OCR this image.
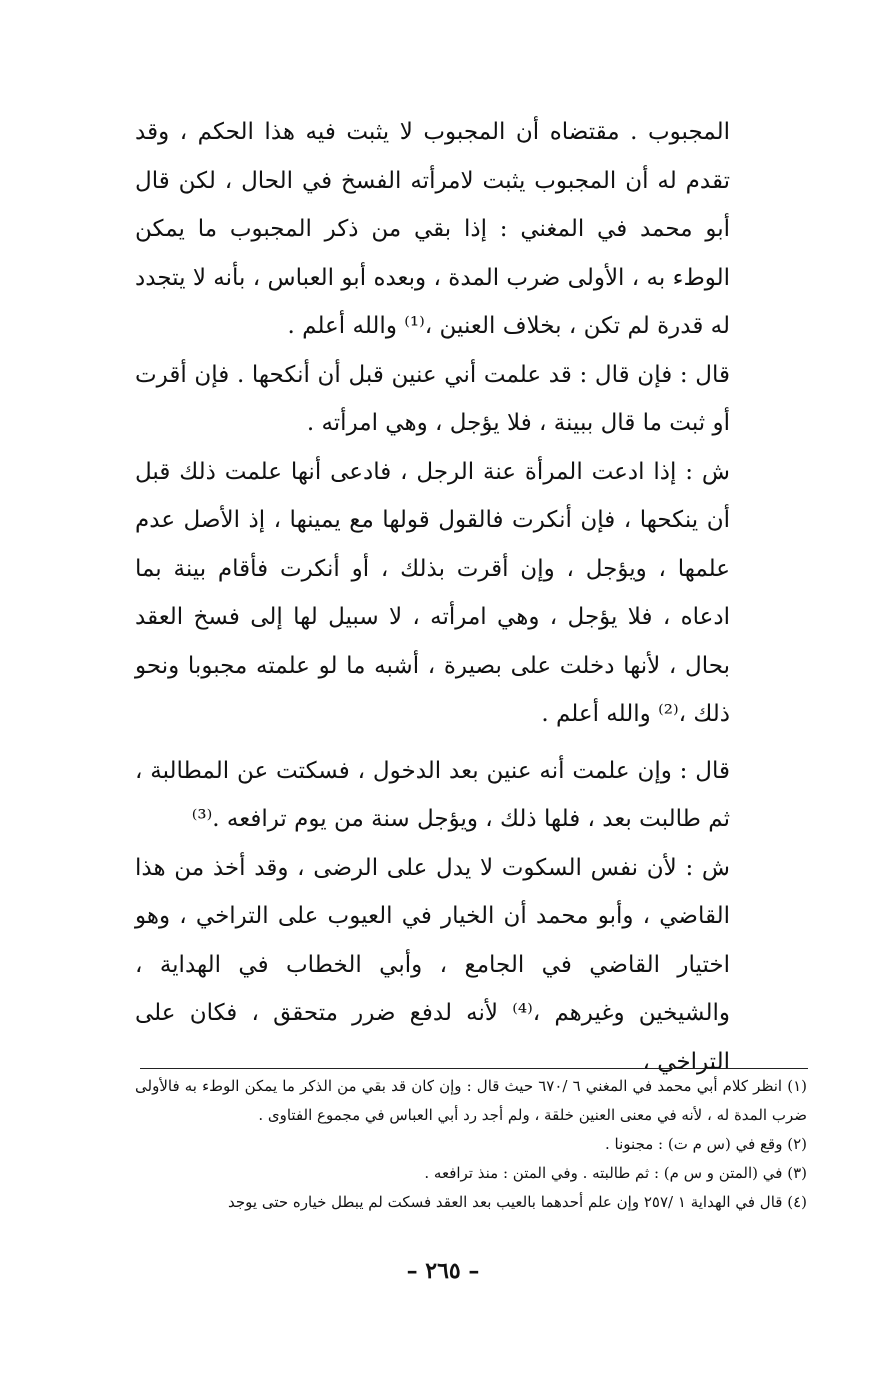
المجبوب . مقتضاه أن المجبوب لا يثبت فيه هذا الحكم ، وقد تقدم له أن المجبوب يثبت لامرأته الفسخ في الحال ، لكن قال أبو محمد في المغني : إذا بقي من ذكر المجبوب ما يمكن الوطء به ، الأولى ضرب المدة ، وبعده أبو العباس ، بأنه لا يتجدد له قدرة لم تكن ، بخلاف العنين ،⁽¹⁾ والله أعلم .

قال : فإن قال : قد علمت أني عنين قبل أن أنكحها . فإن أقرت أو ثبت ما قال ببينة ، فلا يؤجل ، وهي امرأته .

ش : إذا ادعت المرأة عنة الرجل ، فادعى أنها علمت ذلك قبل أن ينكحها ، فإن أنكرت فالقول قولها مع يمينها ، إذ الأصل عدم علمها ، ويؤجل ، وإن أقرت بذلك ، أو أنكرت فأقام بينة بما ادعاه ، فلا يؤجل ، وهي امرأته ، لا سبيل لها إلى فسخ العقد بحال ، لأنها دخلت على بصيرة ، أشبه ما لو علمته مجبوبا ونحو ذلك ،⁽²⁾ والله أعلم .

قال : وإن علمت أنه عنين بعد الدخول ، فسكتت عن المطالبة ، ثم طالبت بعد ، فلها ذلك ، ويؤجل سنة من يوم ترافعه .⁽³⁾

ش : لأن نفس السكوت لا يدل على الرضى ، وقد أخذ من هذا القاضي ، وأبو محمد أن الخيار في العيوب على التراخي ، وهو اختيار القاضي في الجامع ، وأبي الخطاب في الهداية ، والشيخين وغيرهم ،⁽⁴⁾ لأنه لدفع ضرر متحقق ، فكان على التراخي ،

(١) انظر كلام أبي محمد في المغني ٦ /٦٧٠ حيث قال : وإن كان قد بقي من الذكر ما يمكن الوطء به فالأولى ضرب المدة له ، لأنه في معنى العنين خلقة ، ولم أجد رد أبي العباس في مجموع الفتاوى .

(٢) وقع في (س م ت) : مجنونا .

(٣) في (المتن و س م) : ثم طالبته . وفي المتن : منذ ترافعه .

(٤) قال في الهداية ١ /٢٥٧ وإن علم أحدهما بالعيب بعد العقد فسكت لم يبطل خياره حتى يوجد

– ٢٦٥ –
